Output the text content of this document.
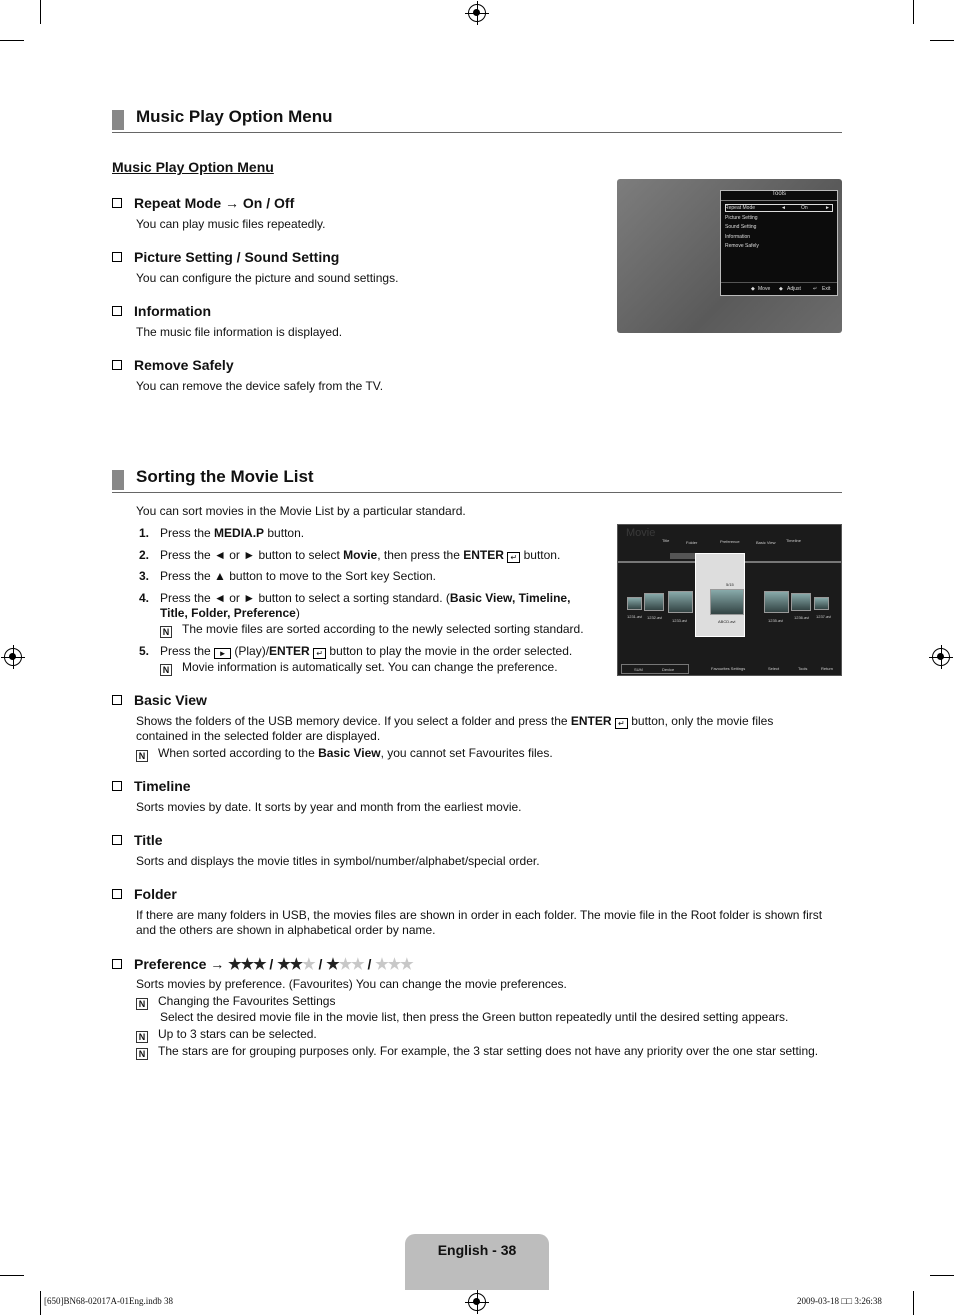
Music Play Option Menu
Music Play Option Menu
Repeat Mode → On / Off
You can play music files repeatedly.
Picture Setting / Sound Setting
You can configure the picture and sound settings.
Information
The music file information is displayed.
Remove Safely
You can remove the device safely from the TV.
Tools
Repeat Mode	◄	On	►
Picture Setting
Sound Setting
Information
Remove Safely
◆ Move ◆ Adjust ↵ Exit
Sorting the Movie List
You can sort movies in the Movie List by a particular standard.
1. Press the MEDIA.P button.
2. Press the ◄ or ► button to select Movie, then press the ENTER ↵ button.
3. Press the ▲ button to move to the Sort key Section.
4. Press the ◄ or ► button to select a sorting standard. (Basic View, Timeline,
Title, Folder, Preference)
N The movie files are sorted according to the newly selected sorting standard.
5. Press the ► (Play)/ENTER ↵ button to play the movie in the order selected.
N Movie information is automatically set. You can change the preference.
Movie
Title	Folder	Preference	Basic View	Timeline
5/15
1231.avi 1232.avi
1233.avi	ABCD.avi	1235.avi
1236.avi 1237.avi
SUM	Device	Favourites Settings	Select	Tools	Return
Basic View
Shows the folders of the USB memory device. If you select a folder and press the ENTER ↵ button, only the movie files
contained in the selected folder are displayed.
N When sorted according to the Basic View, you cannot set Favourites files.
Timeline
Sorts movies by date. It sorts by year and month from the earliest movie.
Title
Sorts and displays the movie titles in symbol/number/alphabet/special order.
Folder
If there are many folders in USB, the movies files are shown in order in each folder. The movie file in the Root folder is shown first
and the others are shown in alphabetical order by name.
Preference → ★★★ / ★★★ / ★★★ / ★★★
Sorts movies by preference. (Favourites) You can change the movie preferences.
N Changing the Favourites Settings
Select the desired movie file in the movie list, then press the Green button repeatedly until the desired setting appears.
N Up to 3 stars can be selected.
N The stars are for grouping purposes only. For example, the 3 star setting does not have any priority over the one star setting.
English - 38
[650]BN68-02017A-01Eng.indb 38	2009-03-18 □□ 3:26:38
